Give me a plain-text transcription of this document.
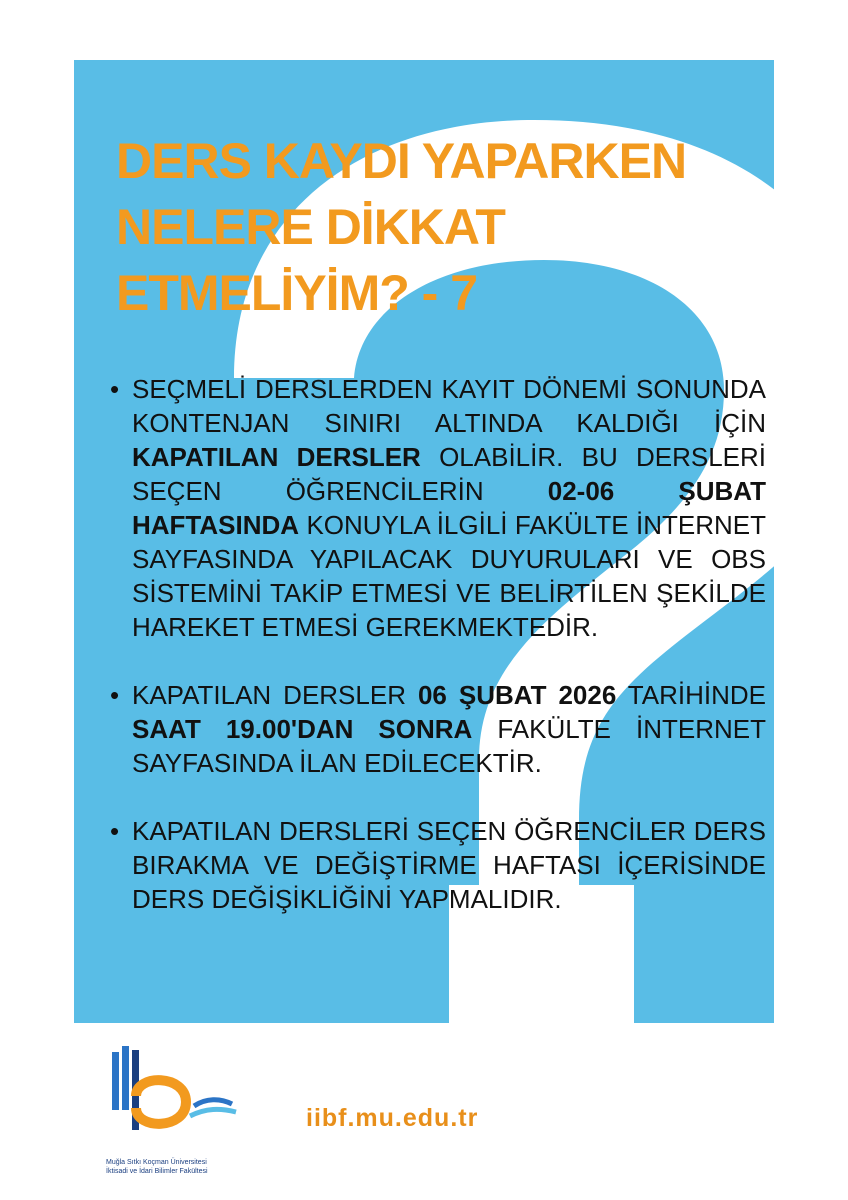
DERS KAYDI YAPARKEN
NELERE DİKKAT
ETMELİYİM? - 7
• SEÇMELİ DERSLERDEN KAYIT DÖNEMİ SONUNDA KONTENJAN SINIRI ALTINDA KALDIĞI İÇİN KAPATILAN DERSLER OLABİLİR. BU DERSLERİ SEÇEN ÖĞRENCİLERİN 02-06 ŞUBAT HAFTASINDA KONUYLA İLGİLİ FAKÜLTE İNTERNET SAYFASINDA YAPILACAK DUYURULARI VE OBS SİSTEMİNİ TAKİP ETMESİ VE BELİRTİLEN ŞEKİLDE HAREKET ETMESİ GEREKMEKTEDİR.
• KAPATILAN DERSLER 06 ŞUBAT 2026 TARİHİNDE SAAT 19.00'DAN SONRA FAKÜLTE İNTERNET SAYFASINDA İLAN EDİLECEKTİR.
• KAPATILAN DERSLERİ SEÇEN ÖĞRENCİLER DERS BIRAKMA VE DEĞİŞTİRME HAFTASI İÇERİSİNDE DERS DEĞİŞİKLİĞİNİ YAPMALIDIR.
Muğla Sıtkı Koçman Üniversitesi
İktisadi ve İdari Bilimler Fakültesi
iibf.mu.edu.tr
